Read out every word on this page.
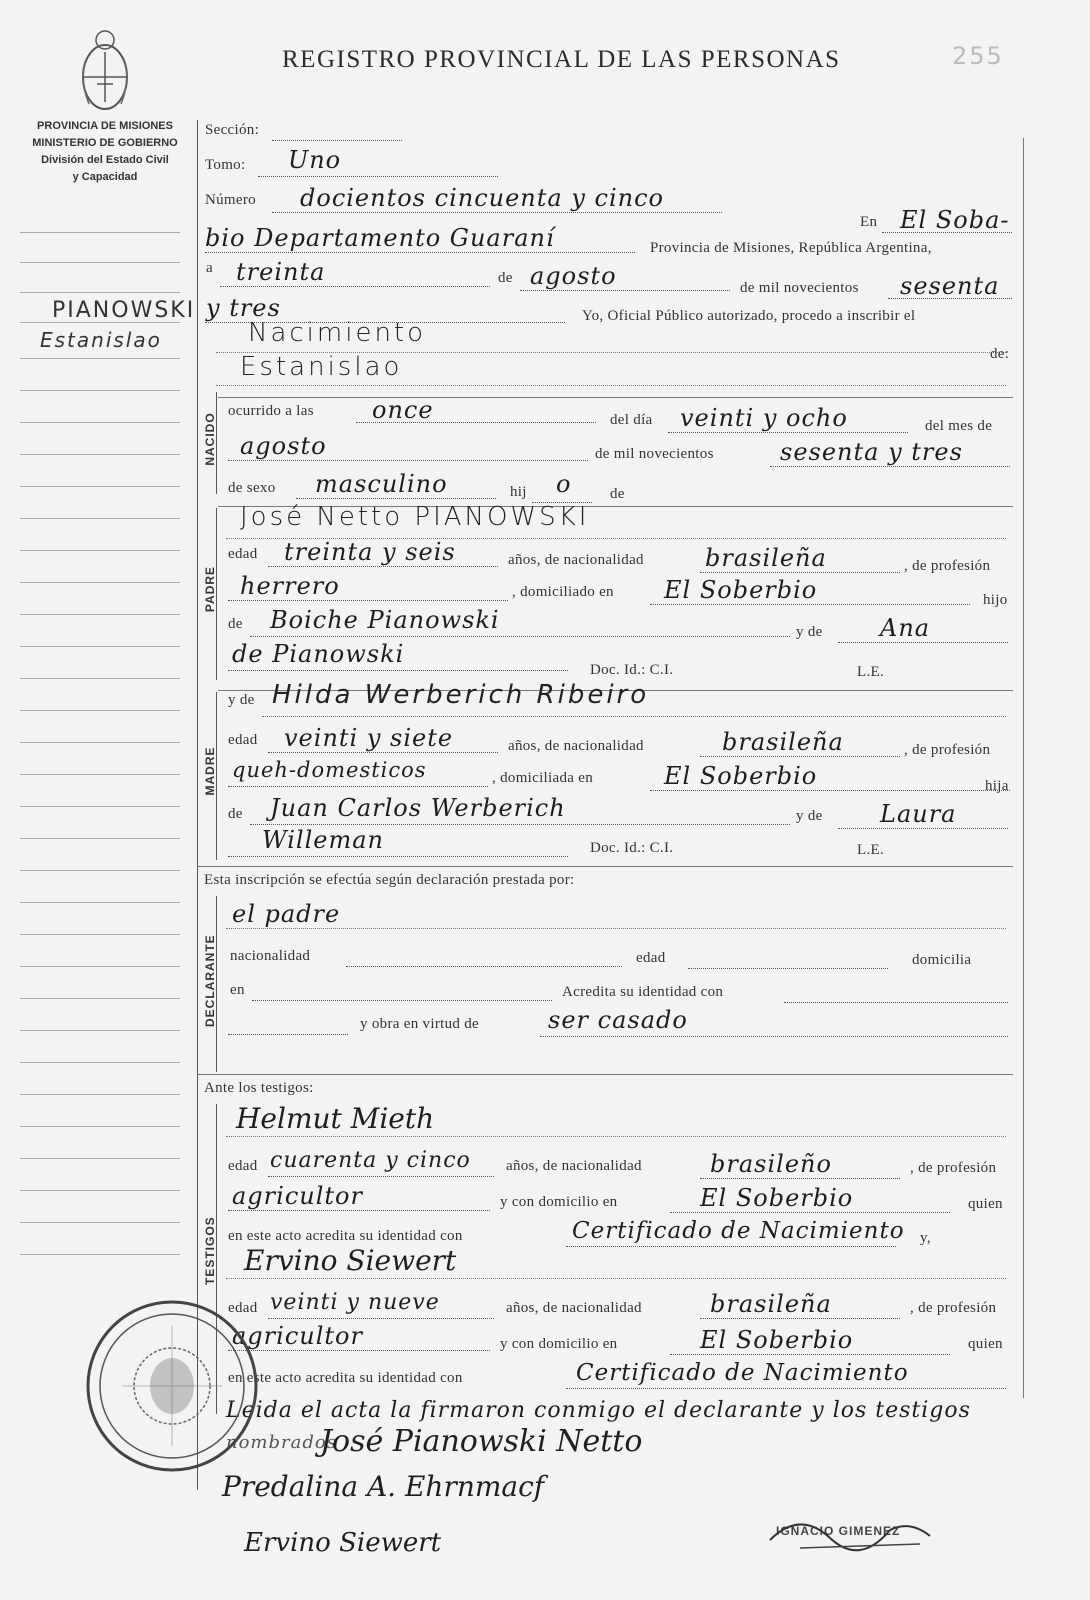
PROVINCIA DE MISIONES
MINISTERIO DE GOBIERNO
División del Estado Civil
y Capacidad
REGISTRO PROVINCIAL DE LAS PERSONAS	255
PIANOWSKI
Estanislao
Sección:
Tomo: Uno
Número docientos cincuenta y cinco
En El Soba-
bio Departamento Guaraní	Provincia de Misiones, República Argentina,
a treinta	de agosto	de mil novecientos sesenta
y tres	Yo, Oficial Público autorizado, procedo a inscribir el
Nacimiento
de:
Estanislao
NACIDO
ocurrido a las once	del día veinti y ocho	del mes de
agosto	de mil novecientos	sesenta y tres
de sexo masculino	hij o	de
PADRE
José Netto PIANOWSKI
edad treinta y seis	años, de nacionalidad	brasileña	, de profesión
herrero	, domiciliado en El Soberbio	hijo
de Boiche Pianowski	y de Ana
de Pianowski
Doc. Id.: C.I.	L.E.
MADRE
y de Hilda Werberich Ribeiro
edad veinti y siete	años, de nacionalidad	brasileña	, de profesión
queh-domesticos	, domiciliada en	El Soberbio	hija
de Juan Carlos Werberich	y de Laura
Willeman	Doc. Id.: C.I.	L.E.
Esta inscripción se efectúa según declaración prestada por:
DECLARANTE
el padre
nacionalidad	edad	domicilia
en	Acredita su identidad con
y obra en virtud de	ser casado
Ante los testigos:
TESTIGOS
Helmut Mieth
edad cuarenta y cinco años, de nacionalidad	brasileño	, de profesión
agricultor	y con domicilio en	El Soberbio	quien
en este acto acredita su identidad con	Certificado de Nacimiento y,
Ervino Siewert
edad veinti y nueve	años, de nacionalidad	brasileña	, de profesión
agricultor	y con domicilio en	El Soberbio	quien
en este acto acredita su identidad con	Certificado de Nacimiento
Leida el acta la firmaron conmigo el declarante y los testigos
nombrados
José Pianowski Netto
Predalina A. Ehrnmacf
Ervino Siewert	IGNACIO GIMENEZ
